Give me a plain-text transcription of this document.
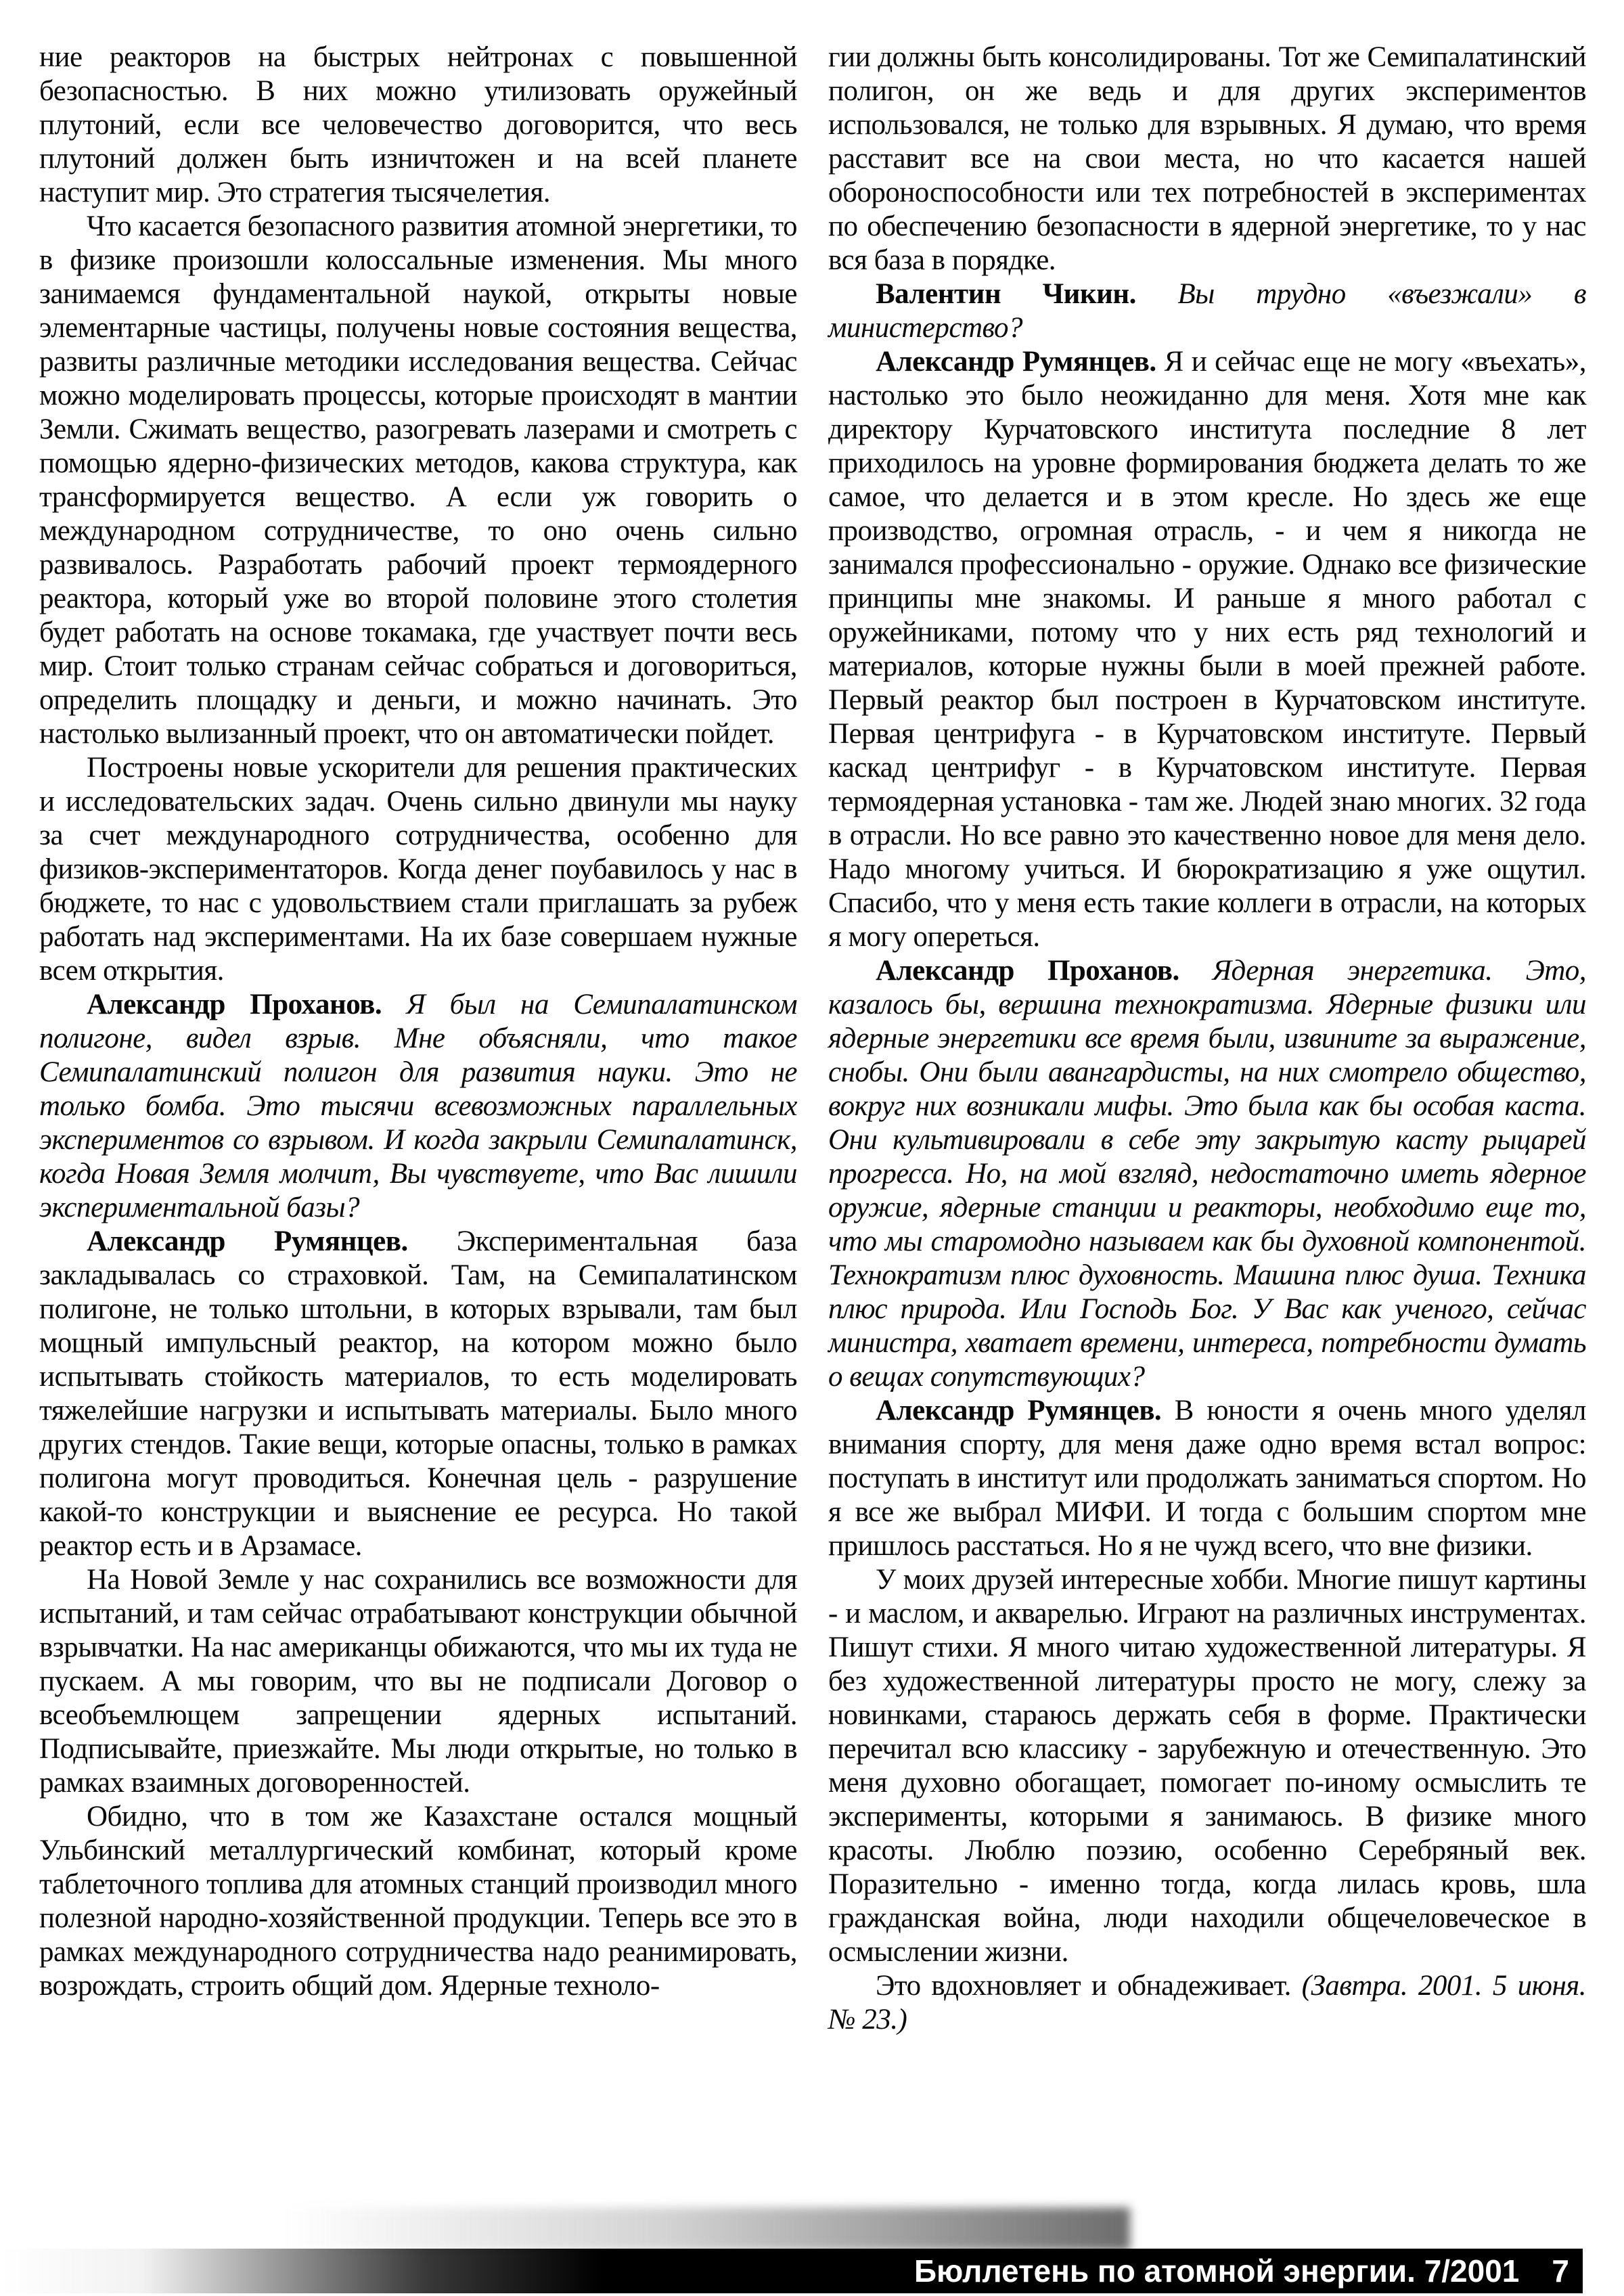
ние реакторов на быстрых нейтронах с повышенной безопасностью. В них можно утилизовать оружейный плутоний, если все человечество договорится, что весь плутоний должен быть изничтожен и на всей планете наступит мир. Это стратегия тысячелетия.

Что касается безопасного развития атомной энергетики, то в физике произошли колоссальные изменения. Мы много занимаемся фундаментальной наукой, открыты новые элементарные частицы, получены новые состояния вещества, развиты различные методики исследования вещества. Сейчас можно моделировать процессы, которые происходят в мантии Земли. Сжимать вещество, разогревать лазерами и смотреть с помощью ядерно-физических методов, какова структура, как трансформируется вещество. А если уж говорить о международном сотрудничестве, то оно очень сильно развивалось. Разработать рабочий проект термоядерного реактора, который уже во второй половине этого столетия будет работать на основе токамака, где участвует почти весь мир. Стоит только странам сейчас собраться и договориться, определить площадку и деньги, и можно начинать. Это настолько вылизанный проект, что он автоматически пойдет.

Построены новые ускорители для решения практических и исследовательских задач. Очень сильно двинули мы науку за счет международного сотрудничества, особенно для физиков-экспериментаторов. Когда денег поубавилось у нас в бюджете, то нас с удовольствием стали приглашать за рубеж работать над экспериментами. На их базе совершаем нужные всем открытия.

Александр Проханов. Я был на Семипалатинском полигоне, видел взрыв. Мне объясняли, что такое Семипалатинский полигон для развития науки. Это не только бомба. Это тысячи всевозможных параллельных экспериментов со взрывом. И когда закрыли Семипалатинск, когда Новая Земля молчит, Вы чувствуете, что Вас лишили экспериментальной базы?

Александр Румянцев. Экспериментальная база закладывалась со страховкой. Там, на Семипалатинском полигоне, не только штольни, в которых взрывали, там был мощный импульсный реактор, на котором можно было испытывать стойкость материалов, то есть моделировать тяжелейшие нагрузки и испытывать материалы. Было много других стендов. Такие вещи, которые опасны, только в рамках полигона могут проводиться. Конечная цель - разрушение какой-то конструкции и выяснение ее ресурса. Но такой реактор есть и в Арзамасе.

На Новой Земле у нас сохранились все возможности для испытаний, и там сейчас отрабатывают конструкции обычной взрывчатки. На нас американцы обижаются, что мы их туда не пускаем. А мы говорим, что вы не подписали Договор о всеобъемлющем запрещении ядерных испытаний. Подписывайте, приезжайте. Мы люди открытые, но только в рамках взаимных договоренностей.

Обидно, что в том же Казахстане остался мощный Ульбинский металлургический комбинат, который кроме таблеточного топлива для атомных станций производил много полезной народно-хозяйственной продукции. Теперь все это в рамках международного сотрудничества надо реанимировать, возрождать, строить общий дом. Ядерные техноло-

гии должны быть консолидированы. Тот же Семипалатинский полигон, он же ведь и для других экспериментов использовался, не только для взрывных. Я думаю, что время расставит все на свои места, но что касается нашей обороноспособности или тех потребностей в экспериментах по обеспечению безопасности в ядерной энергетике, то у нас вся база в порядке.

Валентин Чикин. Вы трудно «въезжали» в министерство?

Александр Румянцев. Я и сейчас еще не могу «въехать», настолько это было неожиданно для меня. Хотя мне как директору Курчатовского института последние 8 лет приходилось на уровне формирования бюджета делать то же самое, что делается и в этом кресле. Но здесь же еще производство, огромная отрасль, - и чем я никогда не занимался профессионально - оружие. Однако все физические принципы мне знакомы. И раньше я много работал с оружейниками, потому что у них есть ряд технологий и материалов, которые нужны были в моей прежней работе. Первый реактор был построен в Курчатовском институте. Первая центрифуга - в Курчатовском институте. Первый каскад центрифуг - в Курчатовском институте. Первая термоядерная установка - там же. Людей знаю многих. 32 года в отрасли. Но все равно это качественно новое для меня дело. Надо многому учиться. И бюрократизацию я уже ощутил. Спасибо, что у меня есть такие коллеги в отрасли, на которых я могу опереться.

Александр Проханов. Ядерная энергетика. Это, казалось бы, вершина технократизма. Ядерные физики или ядерные энергетики все время были, извините за выражение, снобы. Они были авангардисты, на них смотрело общество, вокруг них возникали мифы. Это была как бы особая каста. Они культивировали в себе эту закрытую касту рыцарей прогресса. Но, на мой взгляд, недостаточно иметь ядерное оружие, ядерные станции и реакторы, необходимо еще то, что мы старомодно называем как бы духовной компонентой. Технократизм плюс духовность. Машина плюс душа. Техника плюс природа. Или Господь Бог. У Вас как ученого, сейчас министра, хватает времени, интереса, потребности думать о вещах сопутствующих?

Александр Румянцев. В юности я очень много уделял внимания спорту, для меня даже одно время встал вопрос: поступать в институт или продолжать заниматься спортом. Но я все же выбрал МИФИ. И тогда с большим спортом мне пришлось расстаться. Но я не чужд всего, что вне физики.

У моих друзей интересные хобби. Многие пишут картины - и маслом, и акварелью. Играют на различных инструментах. Пишут стихи. Я много читаю художественной литературы. Я без художественной литературы просто не могу, слежу за новинками, стараюсь держать себя в форме. Практически перечитал всю классику - зарубежную и отечественную. Это меня духовно обогащает, помогает по-иному осмыслить те эксперименты, которыми я занимаюсь. В физике много красоты. Люблю поэзию, особенно Серебряный век. Поразительно - именно тогда, когда лилась кровь, шла гражданская война, люди находили общечеловеческое в осмыслении жизни.

Это вдохновляет и обнадеживает. (Завтра. 2001. 5 июня. № 23.)

Бюллетень по атомной энергии. 7/2001 7
